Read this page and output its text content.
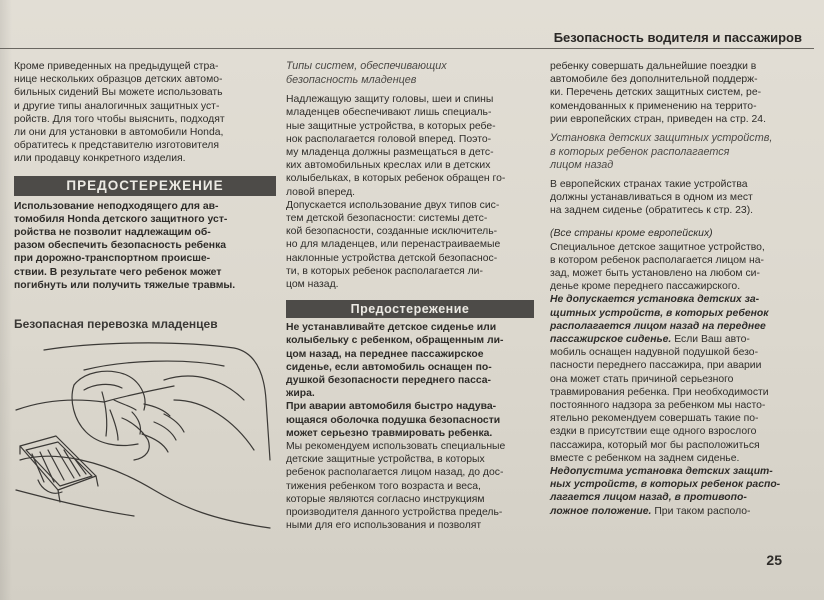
Безопасность водителя и пассажиров

Кроме приведенных на предыдущей стра-
нице нескольких образцов детских автомо-
бильных сидений Вы можете использовать
и другие типы аналогичных защитных уст-
ройств. Для того чтобы выяснить, подходят
ли они для установки в автомобили Honda,
обратитесь к представителю изготовителя
или продавцу конкретного изделия.

ПРЕДОСТЕРЕЖЕНИЕ

Использование неподходящего для ав-
томобиля Honda детского защитного уст-
ройства не позволит надлежащим об-
разом обеспечить безопасность ребенка
при дорожно-транспортном происше-
ствии. В результате чего ребенок может
погибнуть или получить тяжелые травмы.

Безопасная перевозка младенцев

Типы систем, обеспечивающих
безопасность младенцев

Надлежащую защиту головы, шеи и спины
младенцев обеспечивают лишь специаль-
ные защитные устройства, в которых ребе-
нок располагается головой вперед. Поэто-
му младенца должны размещаться в детс-
ких автомобильных креслах или в детских
колыбельках, в которых ребенок обращен го-
ловой вперед.

Допускается использование двух типов сис-
тем детской безопасности: системы детс-
кой безопасности, созданные исключитель-
но для младенцев, или перенастраиваемые
наклонные устройства детской безопаснос-
ти, в которых ребенок располагается ли-
цом назад.

Предостережение

Не устанавливайте детское сиденье или
колыбельку с ребенком, обращенным ли-
цом назад, на переднее пассажирское
сиденье, если автомобиль оснащен по-
душкой безопасности переднего пасса-
жира.

При аварии автомобиля быстро надува-
ющаяся оболочка подушка безопасности
может серьезно травмировать ребенка.

Мы рекомендуем использовать специальные
детские защитные устройства, в которых
ребенок располагается лицом назад, до дос-
тижения ребенком того возраста и веса,
которые являются согласно инструкциям
производителя данного устройства предель-
ными для его использования и позволят

ребенку совершать дальнейшие поездки в
автомобиле без дополнительной поддерж-
ки. Перечень детских защитных систем, ре-
комендованных к применению на террито-
рии европейских стран, приведен на стр. 24.

Установка детских защитных устройств,
в которых ребенок располагается
лицом назад

В европейских странах такие устройства
должны устанавливаться в одном из мест
на заднем сиденье (обратитесь к стр. 23).

(Все страны кроме европейских)

Специальное детское защитное устройство,
в котором ребенок располагается лицом на-
зад, может быть установлено на любом си-
денье кроме переднего пассажирского.

Не допускается установка детских за-
щитных устройств, в которых ребенок
располагается лицом назад на переднее
пассажирское сиденье. Если Ваш авто-

мобиль оснащен надувной подушкой безо-
пасности переднего пассажира, при аварии
она может стать причиной серьезного
травмирования ребенка. При необходимости
постоянного надзора за ребенком мы насто-
ятельно рекомендуем совершать такие по-
ездки в присутствии еще одного взрослого
пассажира, который мог бы расположиться
вместе с ребенком на заднем сиденье.

Недопустима установка детских защит-
ных устройств, в которых ребенок распо-
лагается лицом назад, в противопо-
ложное положение. При таком располо-

25
